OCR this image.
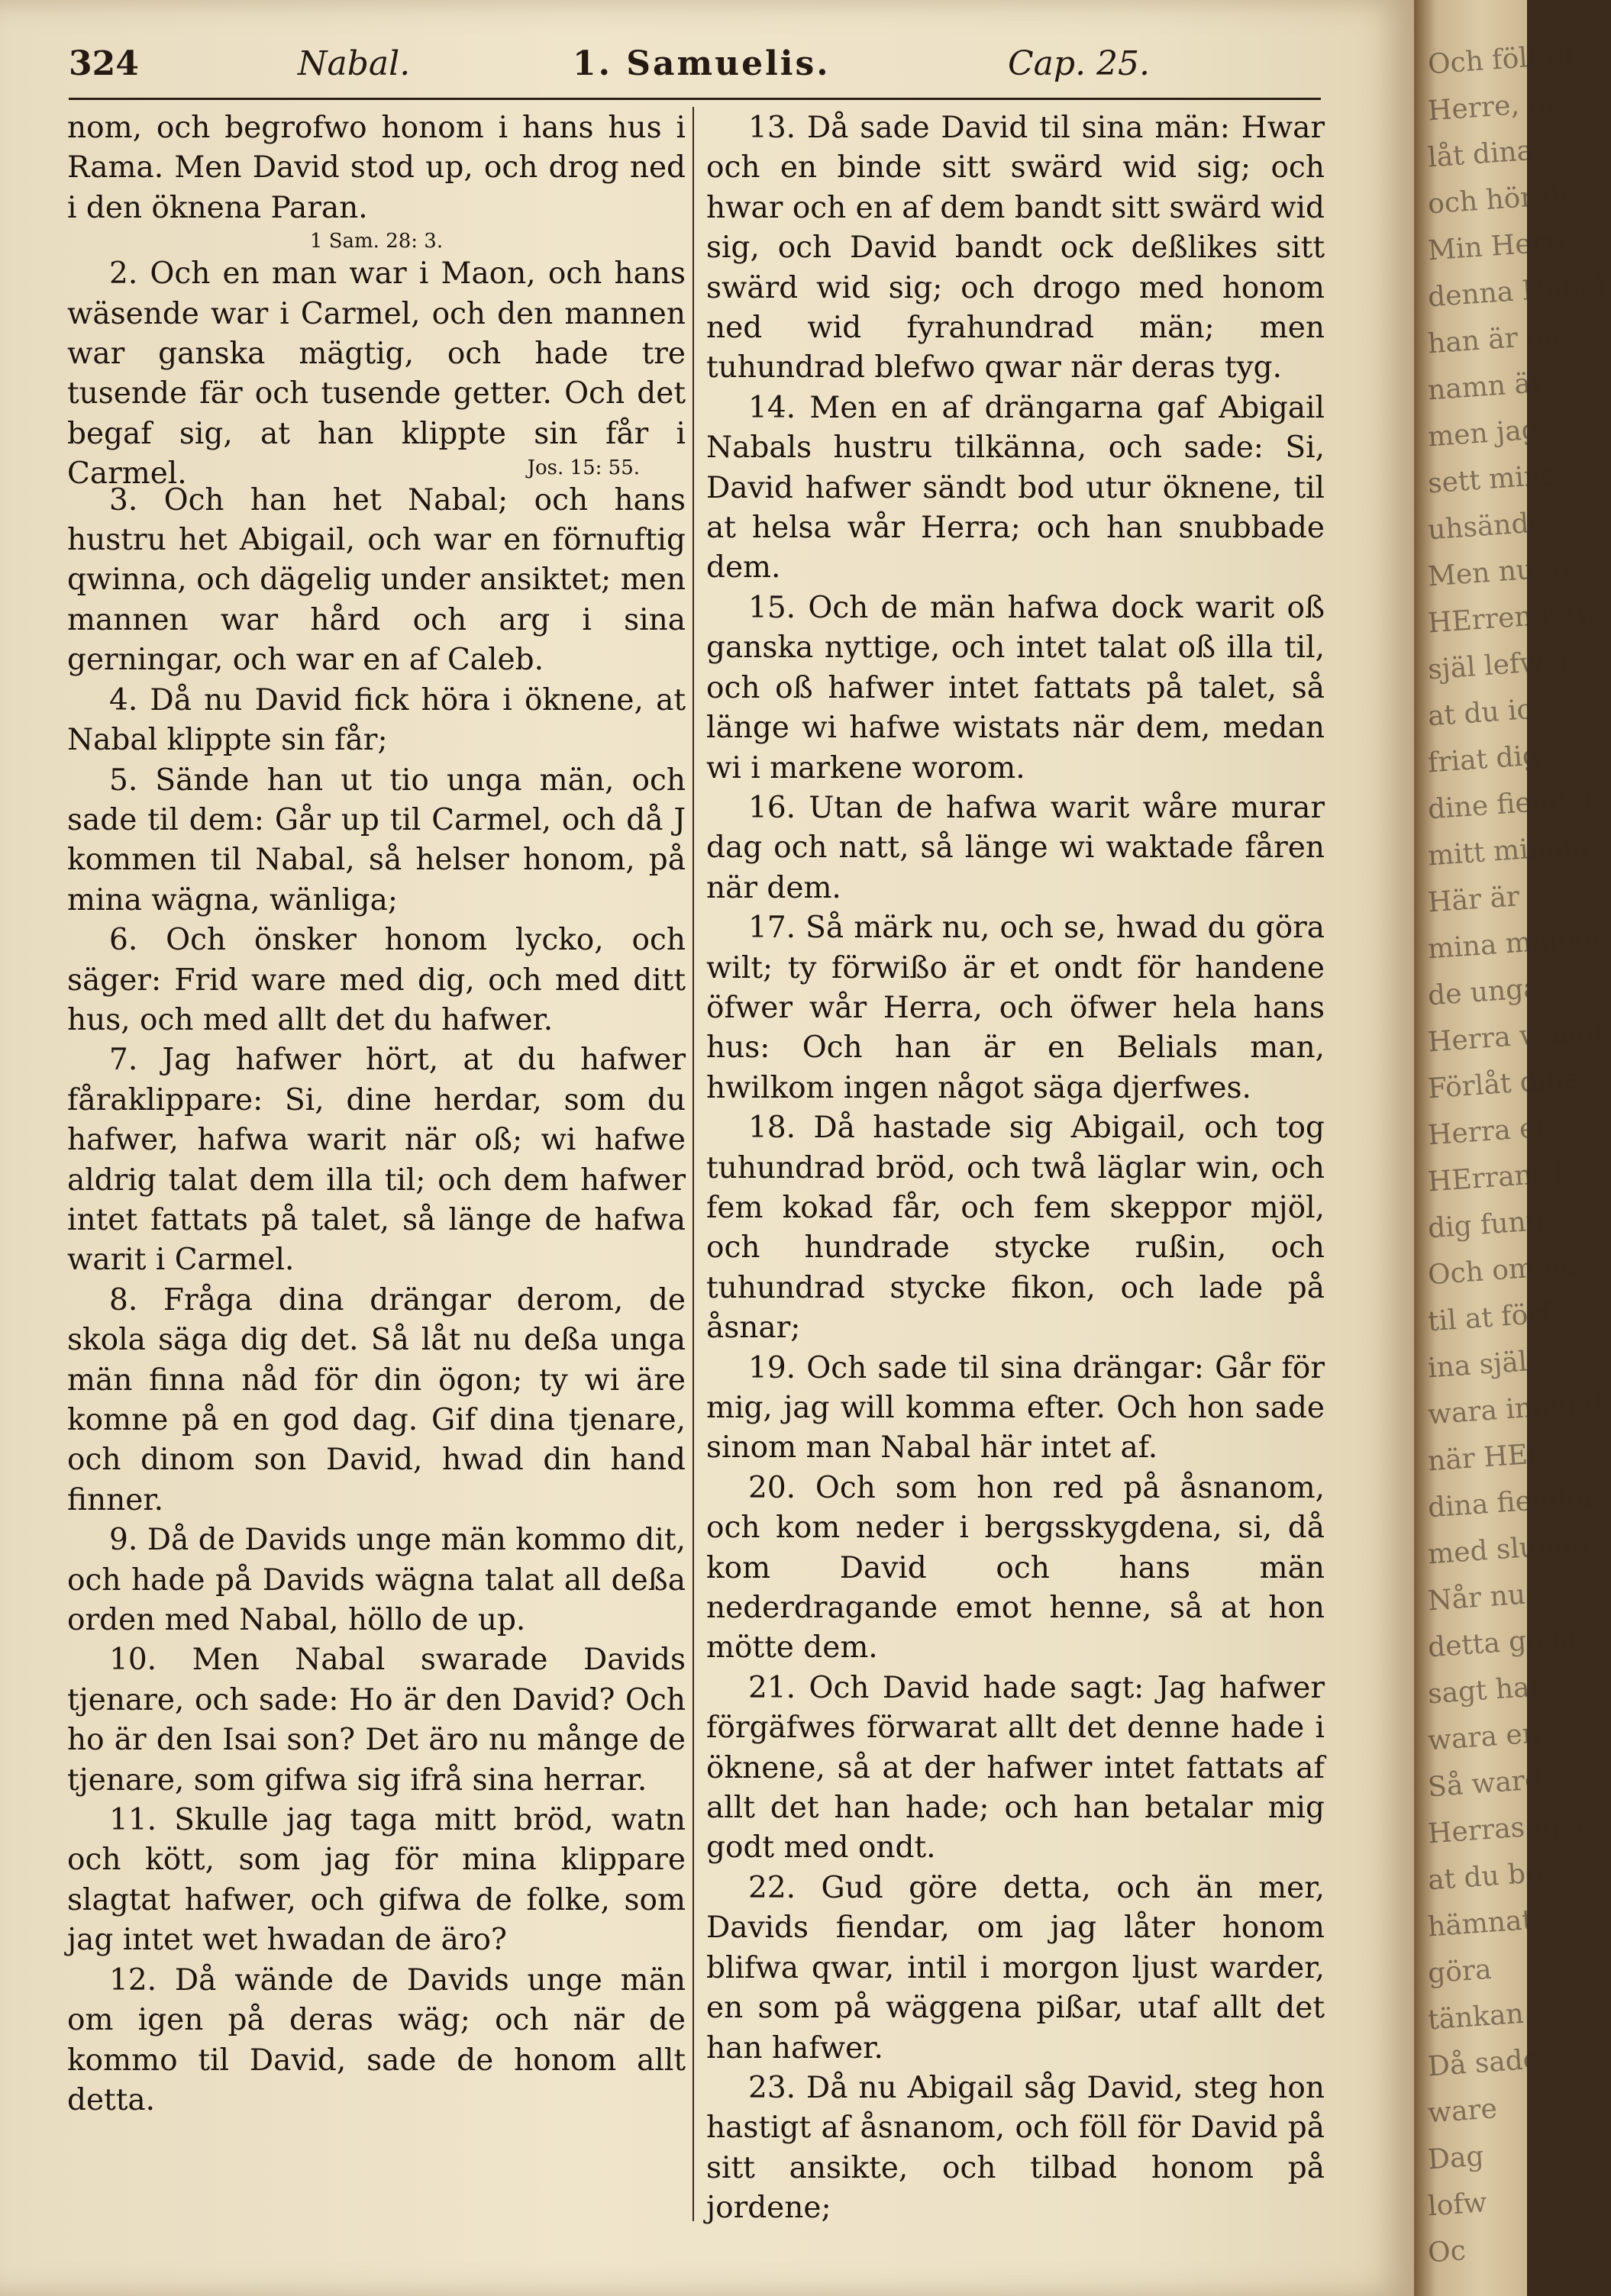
324	Nabal.	1. Samuelis.	Cap. 25.

nom, och begrofwo honom i hans hus i Rama. Men David stod up, och drog ned i den öknena Paran.

1 Sam. 28: 3.

2. Och en man war i Maon, och hans wäsende war i Carmel, och den mannen war ganska mägtig, och hade tre tusende fär och tusende getter. Och det begaf sig, at han klippte sin får i Carmel.	Jos. 15: 55.

3. Och han het Nabal; och hans hustru het Abigail, och war en förnuftig qwinna, och dägelig under ansiktet; men mannen war hård och arg i sina gerningar, och war en af Caleb.

4. Då nu David fick höra i öknene, at Nabal klippte sin får;

5. Sände han ut tio unga män, och sade til dem: Går up til Carmel, och då J kommen til Nabal, så helser honom, på mina wägna, wänliga;

6. Och önsker honom lycko, och säger: Frid ware med dig, och med ditt hus, och med allt det du hafwer.

7. Jag hafwer hört, at du hafwer fåraklippare: Si, dine herdar, som du hafwer, hafwa warit när oß; wi hafwe aldrig talat dem illa til; och dem hafwer intet fattats på talet, så länge de hafwa warit i Carmel.

8. Fråga dina drängar derom, de skola säga dig det. Så låt nu deßa unga män finna nåd för din ögon; ty wi äre komne på en god dag. Gif dina tjenare, och dinom son David, hwad din hand finner.

9. Då de Davids unge män kommo dit, och hade på Davids wägna talat all deßa orden med Nabal, höllo de up.

10. Men Nabal swarade Davids tjenare, och sade: Ho är den David? Och ho är den Isai son? Det äro nu månge de tjenare, som gifwa sig ifrå sina herrar.

11. Skulle jag taga mitt bröd, watn och kött, som jag för mina klippare slagtat hafwer, och gifwa de folke, som jag intet wet hwadan de äro?

12. Då wände de Davids unge män om igen på deras wäg; och när de kommo til David, sade de honom allt detta.

13. Då sade David til sina män: Hwar och en binde sitt swärd wid sig; och hwar och en af dem bandt sitt swärd wid sig, och David bandt ock deßlikes sitt swärd wid sig; och drogo med honom ned wid fyrahundrad män; men tuhundrad blefwo qwar när deras tyg.

14. Men en af drängarna gaf Abigail Nabals hustru tilkänna, och sade: Si, David hafwer sändt bod utur öknene, til at helsa wår Herra; och han snubbade dem.

15. Och de män hafwa dock warit oß ganska nyttige, och intet talat oß illa til, och oß hafwer intet fattats på talet, så länge wi hafwe wistats när dem, medan wi i markene worom.

16. Utan de hafwa warit wåre murar dag och natt, så länge wi waktade fåren när dem.

17. Så märk nu, och se, hwad du göra wilt; ty förwißo är et ondt för handene öfwer wår Herra, och öfwer hela hans hus: Och han är en Belials man, hwilkom ingen något säga djerfwes.

18. Då hastade sig Abigail, och tog tuhundrad bröd, och twå läglar win, och fem kokad får, och fem skeppor mjöl, och hundrade stycke rußin, och tuhundrad stycke fikon, och lade på åsnar;

19. Och sade til sina drängar: Går för mig, jag will komma efter. Och hon sade sinom man Nabal här intet af.

20. Och som hon red på åsnanom, och kom neder i bergsskygdena, si, då kom David och hans män nederdragande emot henne, så at hon mötte dem.

21. Och David hade sagt: Jag hafwer förgäfwes förwarat allt det denne hade i öknene, så at der hafwer intet fattats af allt det han hade; och han betalar mig godt med ondt.

22. Gud göre detta, och än mer, Davids fiendar, om jag låter honom blifwa qwar, intil i morgon ljust warder, en som på wäggena pißar, utaf allt det han hafwer.

23. Då nu Abigail såg David, steg hon hastigt af åsnanom, och föll för David på sitt ansikte, och tilbad honom på jordene;

Och föll til
Herre, m
låt dina
och hör di
Min Herre
denna Nabal
han är en
namn är
men jag
sett mins
uhsände.
Men nu, n
HErren lefw
själ lefwer,
at du ic
friat dig
dine fiender
mitt minom
Här är
mina minom
de unga
Herra wandr
Förlåt dine
Herra et
HErrans f
dig funn
Och om nå
til at förf
ina själ;
wara inbund
när HEr
dina fienders
med slunge
Når nu
detta goda
sagt haf
wara en
Så warde
Herras hjer
at du bo
hämnat
göra
tänkan
Då sade
ware
Dag
lofw
Oc
